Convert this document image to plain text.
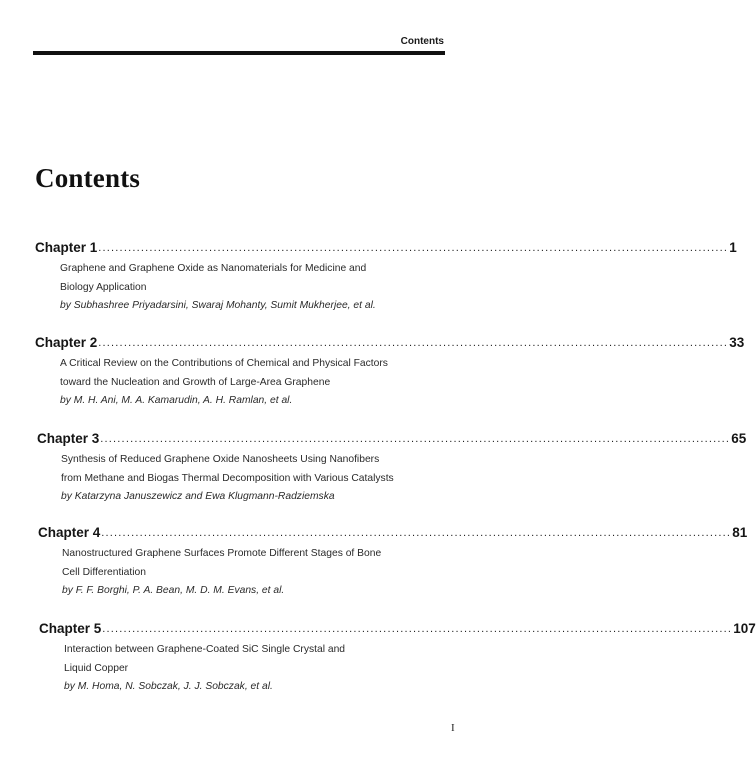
Contents
Contents
Chapter 1 .................................................................................................................................................... 1
Graphene and Graphene Oxide as Nanomaterials for Medicine and
Biology Application
by Subhashree Priyadarsini, Swaraj Mohanty, Sumit Mukherjee, et al.
Chapter 2 .................................................................................................................................................... 33
A Critical Review on the Contributions of Chemical and Physical Factors
toward the Nucleation and Growth of Large-Area Graphene
by M. H. Ani, M. A. Kamarudin, A. H. Ramlan, et al.
Chapter 3 .................................................................................................................................................... 65
Synthesis of Reduced Graphene Oxide Nanosheets Using Nanofibers
from Methane and Biogas Thermal Decomposition with Various Catalysts
by Katarzyna Januszewicz and Ewa Klugmann-Radziemska
Chapter 4 .................................................................................................................................................... 81
Nanostructured Graphene Surfaces Promote Different Stages of Bone
Cell Differentiation
by F. F. Borghi, P. A. Bean, M. D. M. Evans, et al.
Chapter 5 .................................................................................................................................................... 107
Interaction between Graphene-Coated SiC Single Crystal and
Liquid Copper
by M. Homa, N. Sobczak, J. J. Sobczak, et al.
I
